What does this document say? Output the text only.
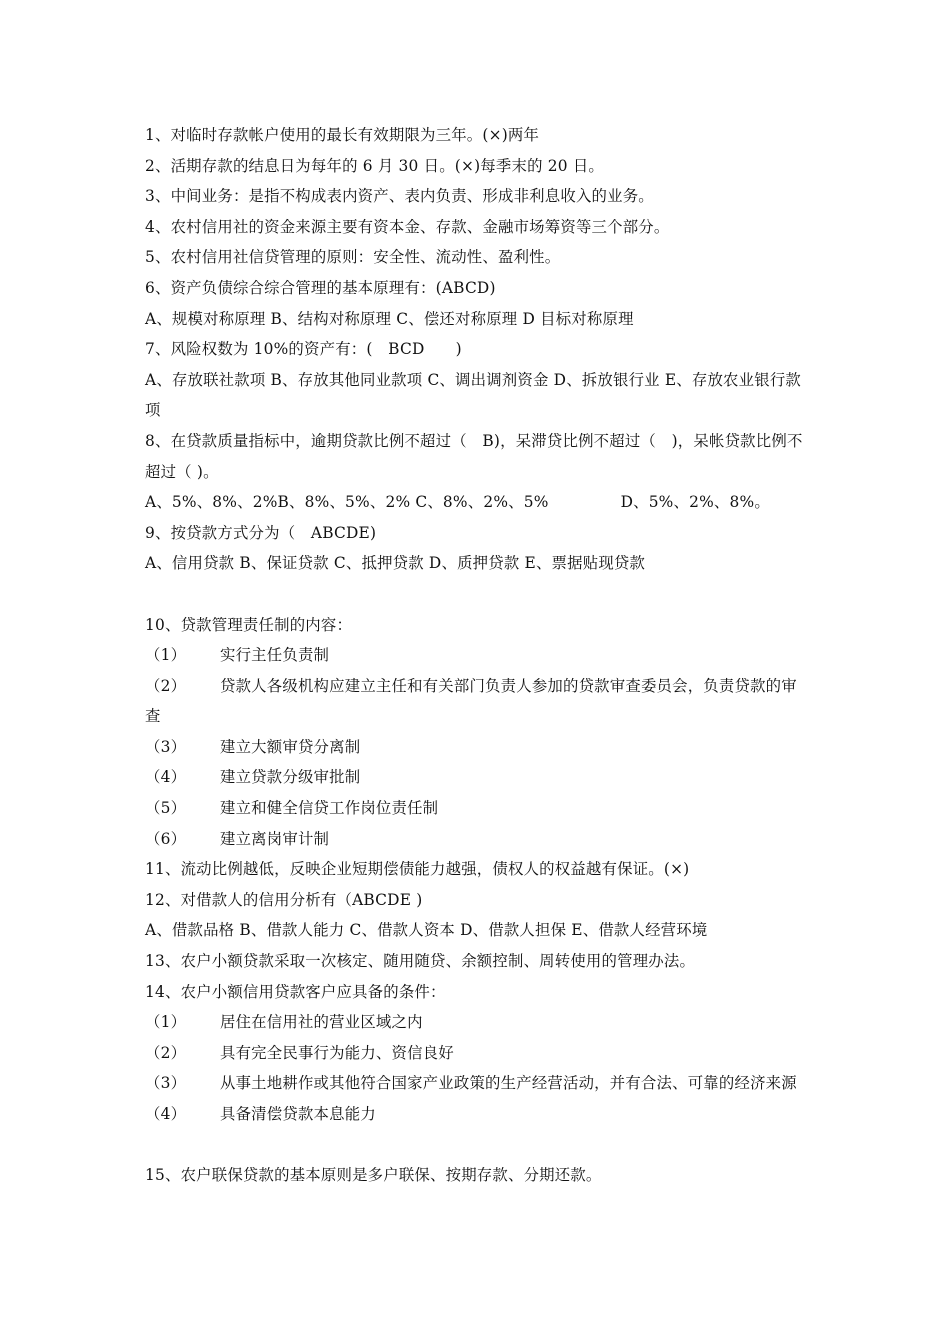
1、对临时存款帐户使用的最长有效期限为三年。(×)两年
2、活期存款的结息日为每年的 6 月 30 日。(×)每季末的 20 日。
3、中间业务：是指不构成表内资产、表内负责、形成非利息收入的业务。
4、农村信用社的资金来源主要有资本金、存款、金融市场筹资等三个部分。
5、农村信用社信贷管理的原则：安全性、流动性、盈利性。
6、资产负债综合综合管理的基本原理有：(ABCD)
A、规模对称原理 B、结构对称原理 C、偿还对称原理 D 目标对称原理
7、风险权数为 10%的资产有：(　BCD　　)
A、存放联社款项 B、存放其他同业款项 C、调出调剂资金 D、拆放银行业 E、存放农业银行款项
8、在贷款质量指标中，逾期贷款比例不超过（　B)，呆滞贷比例不超过（　)，呆帐贷款比例不超过（ )。
A、5%、8%、2%B、8%、5%、2% C、8%、2%、5%	D、5%、2%、8%。
9、按贷款方式分为（　ABCDE)
A、信用贷款 B、保证贷款 C、抵押贷款 D、质押贷款 E、票据贴现贷款
10、贷款管理责任制的内容：
（1）	实行主任负责制
（2） 贷款人各级机构应建立主任和有关部门负责人参加的贷款审查委员会，负责贷款的审查
（3）	建立大额审贷分离制
（4）	建立贷款分级审批制
（5）	建立和健全信贷工作岗位责任制
（6）	建立离岗审计制
11、流动比例越低，反映企业短期偿债能力越强，债权人的权益越有保证。(×)
12、对借款人的信用分析有（ABCDE )
A、借款品格 B、借款人能力 C、借款人资本 D、借款人担保 E、借款人经营环境
13、农户小额贷款采取一次核定、随用随贷、余额控制、周转使用的管理办法。
14、农户小额信用贷款客户应具备的条件：
（1）	居住在信用社的营业区域之内
（2）	具有完全民事行为能力、资信良好
（3） 从事土地耕作或其他符合国家产业政策的生产经营活动，并有合法、可靠的经济来源
（4）	具备清偿贷款本息能力
15、农户联保贷款的基本原则是多户联保、按期存款、分期还款。
